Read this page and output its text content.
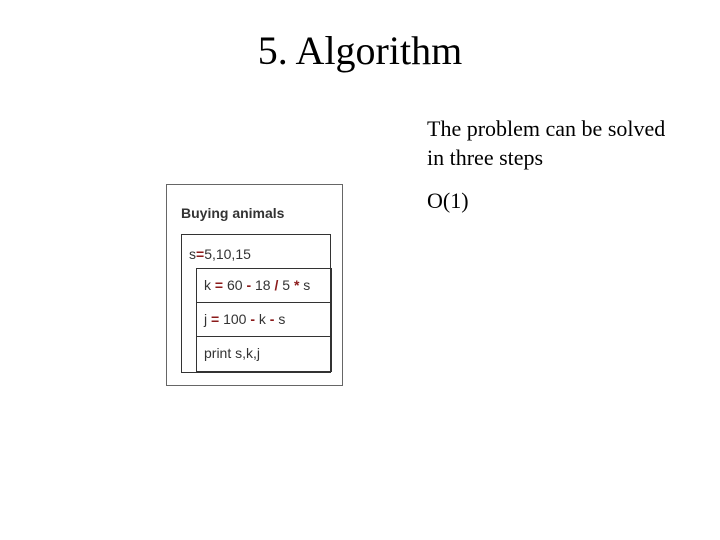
5. Algorithm
The problem can be solved
in three steps
O(1)
Buying animals
s=5,10,15
k = 60 - 18 / 5 * s
j = 100 - k - s
print s,k,j
